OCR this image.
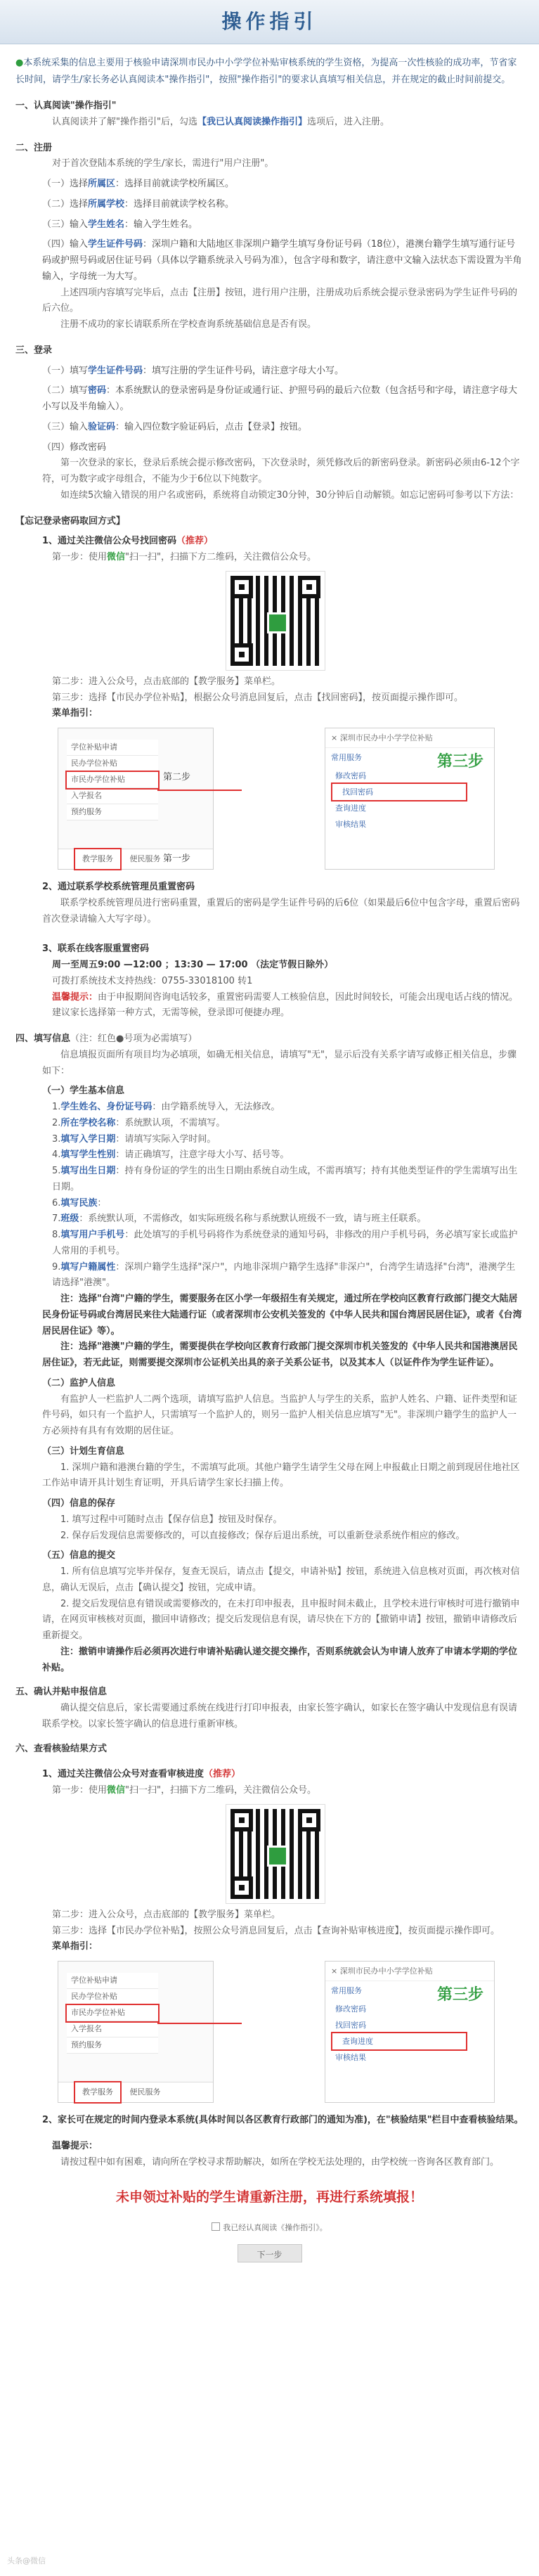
操作指引
●本系统采集的信息主要用于核验申请深圳市民办中小学学位补贴审核系统的学生资格，为提高一次性核验的成功率，节省家长时间，请学生/家长务必认真阅读本"操作指引"，按照"操作指引"的要求认真填写相关信息，并在规定的截止时间前提交。
一、认真阅读"操作指引"
认真阅读并了解"操作指引"后，勾选【我已认真阅读操作指引】选项后，进入注册。
二、注册
对于首次登陆本系统的学生/家长，需进行"用户注册"。
（一）选择所属区：选择目前就读学校所属区。
（二）选择所属学校：选择目前就读学校名称。
（三）输入学生姓名：输入学生姓名。
（四）输入学生证件号码：深圳户籍和大陆地区非深圳户籍学生填写身份证号码（18位），港澳台籍学生填写通行证号码或护照号码或居住证号码（具体以学籍系统录入号码为准），包含字母和数字，请注意中文输入法状态下需设置为半角输入，字母统一为大写。
上述四项内容填写完毕后，点击【注册】按钮，进行用户注册，注册成功后系统会提示登录密码为学生证件号码的后六位。
注册不成功的家长请联系所在学校查询系统基础信息是否有误。
三、登录
（一）填写学生证件号码：填写注册的学生证件号码，请注意字母大小写。
（二）填写密码：本系统默认的登录密码是身份证或通行证、护照号码的最后六位数（包含括号和字母，请注意字母大小写以及半角输入）。
（三）输入验证码：输入四位数字验证码后，点击【登录】按钮。
（四）修改密码
第一次登录的家长，登录后系统会提示修改密码，下次登录时，须凭修改后的新密码登录。新密码必须由6-12个字符，可为数字或字母组合，不能为少于6位以下纯数字。
如连续5次输入错误的用户名或密码，系统将自动锁定30分钟，30分钟后自动解锁。如忘记密码可参考以下方法：
【忘记登录密码取回方式】
1、通过关注微信公众号找回密码（推荐）
第一步：使用微信"扫一扫"，扫描下方二维码，关注微信公众号。
第二步：进入公众号，点击底部的【教学服务】菜单栏。
第三步：选择【市民办学位补贴】，根据公众号消息回复后，点击【找回密码】，按页面提示操作即可。
菜单指引：
学位补贴申请
民办学位补贴
市民办学位补贴
入学报名
预约服务
教学服务 便民服务
第二步
第一步
× 深圳市民办中小学学位补贴
常用服务
修改密码
找回密码
查询进度
审核结果
第三步
2、通过联系学校系统管理员重置密码
联系学校系统管理员进行密码重置，重置后的密码是学生证件号码的后6位（如果最后6位中包含字母，重置后密码首次登录请输入大写字母）。
3、联系在线客服重置密码
周一至周五9:00 —12:00 ；13:30 — 17:00 （法定节假日除外）
可拨打系统技术支持热线：0755-33018100 转1
温馨提示：由于申报期间咨询电话较多，重置密码需要人工核验信息，因此时间较长，可能会出现电话占线的情况。建议家长选择第一种方式，无需等候，登录即可便捷办理。
四、填写信息（注：红色●号项为必需填写）
信息填报页面所有项目均为必填项，如确无相关信息，请填写"无"，显示后没有关系字请写或修正相关信息，步骤如下：
（一）学生基本信息
1.学生姓名、身份证号码：由学籍系统导入，无法修改。
2.所在学校名称：系统默认项，不需填写。
3.填写入学日期：请填写实际入学时间。
4.填写学生性别：请正确填写，注意字母大小写、括号等。
5.填写出生日期：持有身份证的学生的出生日期由系统自动生成，不需再填写；持有其他类型证件的学生需填写出生日期。
6.填写民族：
7.班级：系统默认项，不需修改，如实际班级名称与系统默认班级不一致，请与班主任联系。
8.填写用户手机号：此处填写的手机号码将作为系统登录的通知号码，非修改的用户手机号码，务必填写家长或监护人常用的手机号。
9.填写户籍属性：深圳户籍学生选择"深户"，内地非深圳户籍学生选择"非深户"，台湾学生请选择"台湾"，港澳学生请选择"港澳"。
注：选择"台湾"户籍的学生，需要服务在区小学一年级招生有关规定，通过所在学校向区教育行政部门提交大陆居民身份证号码或台湾居民来往大陆通行证（或者深圳市公安机关签发的《中华人民共和国台湾居民居住证》，或者《台湾居民居住证》等）。
注：选择"港澳"户籍的学生，需要提供在学校向区教育行政部门提交深圳市机关签发的《中华人民共和国港澳居民居住证》，若无此证，则需要提交深圳市公证机关出具的亲子关系公证书，以及其本人（以证件作为学生证件证）。
（二）监护人信息
有监护人一栏监护人二两个选项，请填写监护人信息。当监护人与学生的关系，监护人姓名、户籍、证件类型和证件号码，如只有一个监护人，只需填写一个监护人的，则另一监护人相关信息应填写"无"。非深圳户籍学生的监护人一方必须持有具有有效期的居住证。
（三）计划生育信息
1. 深圳户籍和港澳台籍的学生，不需填写此项。其他户籍学生请学生父母在网上申报截止日期之前到现居住地社区工作站申请开具计划生育证明，开具后请学生家长扫描上传。
（四）信息的保存
1. 填写过程中可随时点击【保存信息】按钮及时保存。
2. 保存后发现信息需要修改的，可以直接修改；保存后退出系统，可以重新登录系统作相应的修改。
（五）信息的提交
1. 所有信息填写完毕并保存，复查无误后，请点击【提交，申请补贴】按钮，系统进入信息核对页面，再次核对信息，确认无误后，点击【确认提交】按钮，完成申请。
2. 提交后发现信息有错误或需要修改的，在未打印申报表，且申报时间未截止，且学校未进行审核时可进行撤销申请，在网页审核核对页面，撤回申请修改；提交后发现信息有误，请尽快在下方的【撤销申请】按钮，撤销申请修改后重新提交。
注：撤销申请操作后必须再次进行申请补贴确认递交提交操作，否则系统就会认为申请人放弃了申请本学期的学位补贴。
五、确认并贴申报信息
确认提交信息后，家长需要通过系统在线进行打印申报表，由家长签字确认，如家长在签字确认中发现信息有误请联系学校。以家长签字确认的信息进行重新审核。
六、查看核验结果方式
1、通过关注微信公众号对查看审核进度（推荐）
第一步：使用微信"扫一扫"，扫描下方二维码，关注微信公众号。
第二步：进入公众号，点击底部的【教学服务】菜单栏。
第三步：选择【市民办学位补贴】，按照公众号消息回复后，点击【查询补贴审核进度】，按页面提示操作即可。
菜单指引：
学位补贴申请
民办学位补贴
市民办学位补贴
入学报名
预约服务
教学服务 便民服务
× 深圳市民办中小学学位补贴
常用服务
修改密码
找回密码
查询进度
审核结果
第三步
2、家长可在规定的时间内登录本系统(具体时间以各区教育行政部门的通知为准)，在"核验结果"栏目中查看核验结果。
温馨提示：
请按过程中如有困难，请向所在学校寻求帮助解决，如所在学校无法处理的，由学校统一咨询各区教育部门。
未申领过补贴的学生请重新注册，再进行系统填报！
我已经认真阅读《操作指引》。
下一步
头条@微信
